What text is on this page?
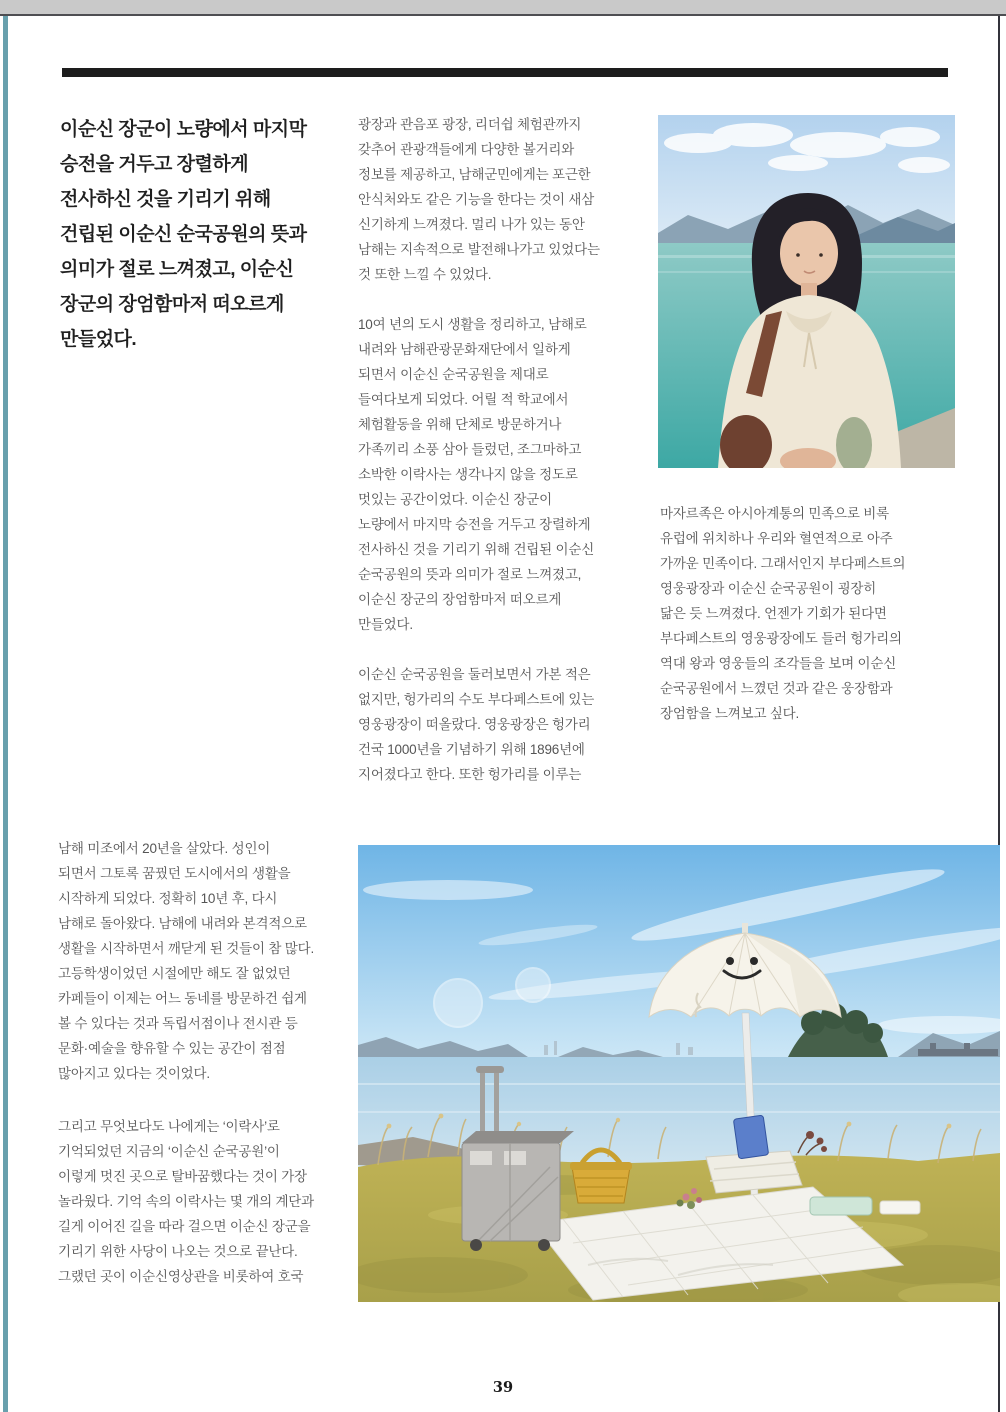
이순신 장군이 노량에서 마지막
승전을 거두고 장렬하게
전사하신 것을 기리기 위해
건립된 이순신 순국공원의 뜻과
의미가 절로 느껴졌고, 이순신
장군의 장엄함마저 떠오르게
만들었다.

광장과 관음포 광장, 리더쉽 체험관까지
갖추어 관광객들에게 다양한 볼거리와
정보를 제공하고, 남해군민에게는 포근한
안식처와도 같은 기능을 한다는 것이 새삼
신기하게 느껴졌다. 멀리 나가 있는 동안
남해는 지속적으로 발전해나가고 있었다는
것 또한 느낄 수 있었다.

10여 년의 도시 생활을 정리하고, 남해로
내려와 남해관광문화재단에서 일하게
되면서 이순신 순국공원을 제대로
들여다보게 되었다. 어릴 적 학교에서
체험활동을 위해 단체로 방문하거나
가족끼리 소풍 삼아 들렀던, 조그마하고
소박한 이락사는 생각나지 않을 정도로
멋있는 공간이었다. 이순신 장군이
노량에서 마지막 승전을 거두고 장렬하게
전사하신 것을 기리기 위해 건립된 이순신
순국공원의 뜻과 의미가 절로 느껴졌고,
이순신 장군의 장엄함마저 떠오르게
만들었다.

이순신 순국공원을 둘러보면서 가본 적은
없지만, 헝가리의 수도 부다페스트에 있는
영웅광장이 떠올랐다. 영웅광장은 헝가리
건국 1000년을 기념하기 위해 1896년에
지어졌다고 한다. 또한 헝가리를 이루는

마자르족은 아시아계통의 민족으로 비록
유럽에 위치하나 우리와 혈연적으로 아주
가까운 민족이다. 그래서인지 부다페스트의
영웅광장과 이순신 순국공원이 굉장히
닮은 듯 느껴졌다. 언젠가 기회가 된다면
부다페스트의 영웅광장에도 들러 헝가리의
역대 왕과 영웅들의 조각들을 보며 이순신
순국공원에서 느꼈던 것과 같은 웅장함과
장엄함을 느껴보고 싶다.

남해 미조에서 20년을 살았다. 성인이
되면서 그토록 꿈꿨던 도시에서의 생활을
시작하게 되었다. 정확히 10년 후, 다시
남해로 돌아왔다. 남해에 내려와 본격적으로
생활을 시작하면서 깨닫게 된 것들이 참 많다.
고등학생이었던 시절에만 해도 잘 없었던
카페들이 이제는 어느 동네를 방문하건 쉽게
볼 수 있다는 것과 독립서점이나 전시관 등
문화·예술을 향유할 수 있는 공간이 점점
많아지고 있다는 것이었다.

그리고 무엇보다도 나에게는 ‘이락사’로
기억되었던 지금의 ‘이순신 순국공원’이
이렇게 멋진 곳으로 탈바꿈했다는 것이 가장
놀라웠다. 기억 속의 이락사는 몇 개의 계단과
길게 이어진 길을 따라 걸으면 이순신 장군을
기리기 위한 사당이 나오는 것으로 끝난다.
그랬던 곳이 이순신영상관을 비롯하여 호국

39
